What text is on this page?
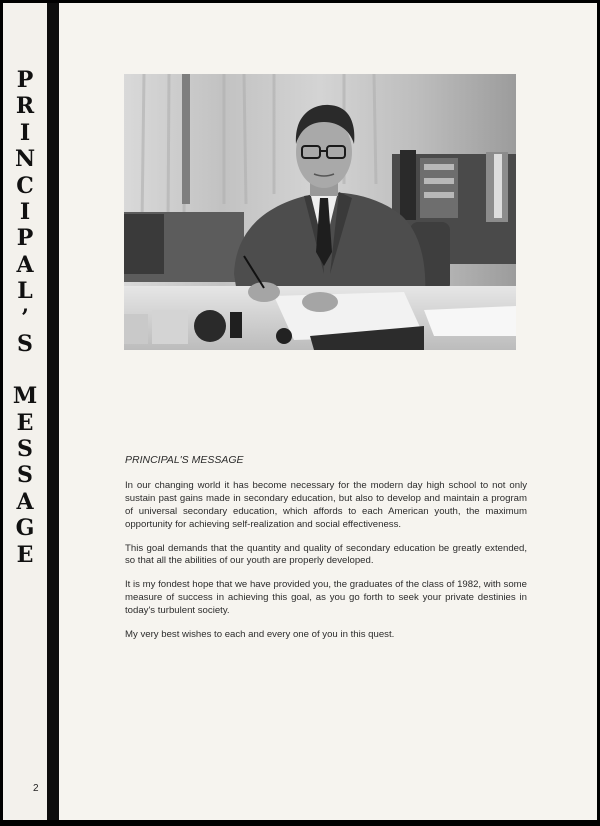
P
R
I
N
C
I
P
A
L
’
S
M
E
S
S
A
G
E
PRINCIPAL'S MESSAGE

In our changing world it has become necessary for the modern day high school to not only sustain past gains made in secondary education, but also to develop and maintain a program of universal secondary education, which affords to each American youth, the maximum opportunity for achieving self-realization and social effectiveness.

This goal demands that the quantity and quality of secondary education be greatly extended, so that all the abilities of our youth are properly developed.

It is my fondest hope that we have provided you, the graduates of the class of 1982, with some measure of success in achieving this goal, as you go forth to seek your private destinies in today's turbulent society.

My very best wishes to each and every one of you in this quest.

2
